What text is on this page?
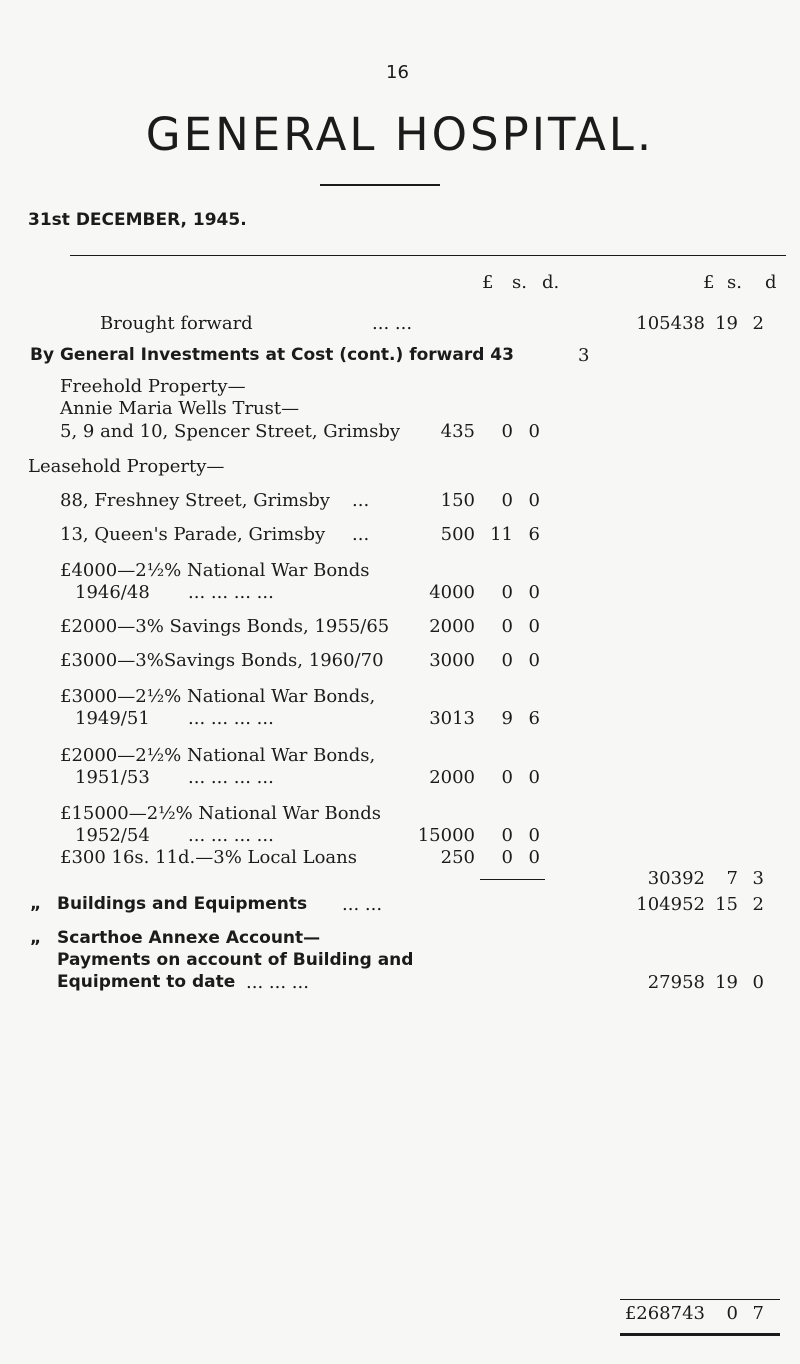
16
GENERAL HOSPITAL.
31st DECEMBER, 1945.
£ s. d.	£ s. d
Brought forward	... ...	105438 19 2
By General Investments at Cost (cont.) forward 43	3
Freehold Property—
Annie Maria Wells Trust—
5, 9 and 10, Spencer Street, Grimsby	435	0 0
Leasehold Property—
88, Freshney Street, Grimsby ...	150	0 0
13, Queen's Parade, Grimsby ...	500 11 6
£4000—2½% National War Bonds
1946/48 ... ... ... ...	4000	0 0
£2000—3% Savings Bonds, 1955/65	2000	0 0
£3000—3%Savings Bonds, 1960/70	3000	0 0
£3000—2½% National War Bonds,
1949/51 ... ... ... ...	3013	9 6
£2000—2½% National War Bonds,
1951/53 ... ... ... ...	2000	0 0
£15000—2½% National War Bonds
1952/54 ... ... ... ...	15000	0 0
£300 16s. 11d.—3% Local Loans	250	0 0
30392	7 3
„ Buildings and Equipments ... ...	104952 15 2
„ Scarthoe Annexe Account—
Payments on account of Building and
Equipment to date ... ... ...	27958 19 0
£268743	0 7
